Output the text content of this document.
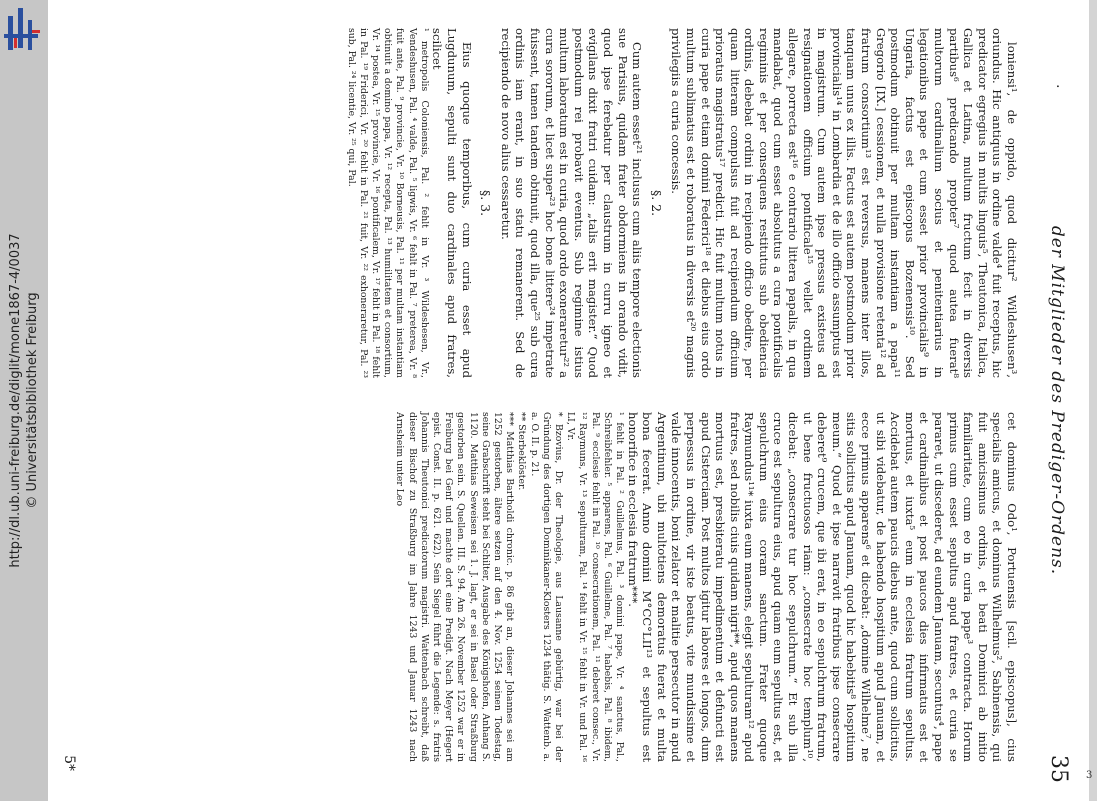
http://dl.ub.uni-freiburg.de/diglit/mone1867-4/0037 © Universitätsbibliothek Freiburg
.
der Mitglieder des Prediger-Ordens.
35

loniensi¹, de oppido, quod dicitur² Wildeshusen³, oriundus. Hic antiquus in ordine valde⁴ fuit receptus, hic predicator egregius in multis linguis⁵, Theutonica, Italica, Gallica et Latina, multum fructum fecit in diversis partibus⁶ predicando propter⁷ quod autea fuerat⁸ multorum cardinalium socius et penitentiarius in legationibus pape et cum esset prior provincialis⁹ in Ungaria, factus est episcopus Bozenensis¹⁰. Sed postmodum obtinuit per multam instantiam a papa¹¹ Gregorio [IX.] cessionem, et nulla provisione retenta¹² ad fratrum consortium¹³ est reversus, manens inter illos, tanquam unus ex illis. Factus est autem postmodum prior provincialis¹⁴ in Lombardia et de illo officio assumptus est in magistrum. Cum autem ipse pressus existeus ad resignationem officium pontificale¹⁵ vellet ordinem allegare, porrecta est¹⁶ e contrario littera papalis, in qua mandabat, quod cum esset absolutus a cura pontificalis regiminis et per consequens restitutus sub obediencia ordinis, debebat ordini in recipiendo officio obedire, per quam litteram compulsus fuit ad recipiendum officium prioratus magistratus¹⁷ predicti. Hic fuit multum notus in curia pape et etiam domini Federici¹⁸ et diebus eius ordo multum sublimatus est et roboratus in diversis et²⁰ magnis privilegiis a curia concessis.

§. 2.

Cum autem esset²¹ inclusus cum aliis tempore electionis sue Parisius, quidam frater obdormiens in orando vidit, quod ipse ferebatur per claustrum in curru igneo et evigilans dixit fratri cuidam: „talis erit magister.“ Quod postmodum rei probavit eventus. Sub regimine istius multum laboratum est in curia, quod ordo exoneraretur²² a cura sororum, et licet super²³ hoc bone littere²⁴ impetrate fuissent, tamen tandem obtinuit, quod illa, que²⁵ sub cura ordinis iam erant, in suo statu remanerent. Sed de recipiendo de novo alius cessaretur.

§. 3.

Eius quoque temporibus, cum curia esset apud Lugdunum, sepulti sunt duo cardinales apud fratres, scilicet

¹ metropolis Coloniensis, Pal. ² fehlt in Vr. ³ Wildeshesen, Vr., Vendeshusen, Pal. ⁴ valde, Pal. ⁵ ligwis, Vr. ⁶ fehlt in Pal. ⁷ preterea, Vr. ⁸ fuit ante, Pal. ⁹ provincie, Vr. ¹⁰ Borneusis, Pal. ¹¹ per multam instantiam obtinuit a domino papa, Vr. ¹² recepta, Pal. ¹³ humilitatem et consortium, Vr. ¹⁴ postea, Vr. ¹⁵ provincie, Vr. ¹⁶ pontificalem, Vr. ¹⁷ fehlt in Pal. ¹⁸ fehlt in Pal. ¹⁹ Friderici, Vr. ²⁰ fehlt in Pal. ²¹ fuit, Vr. ²² exhoneraretur, Pal. ²³ sub, Pal. ²⁴ licentie, Vr. ²⁵ qui, Pal.

cet dominus Odo¹, Portuensis [scil. episcopus], cius specialis amicus, et dominus Wilhelmus², Sabinensis, qui fuit amicissimus ordinis, et beati Dominici ab initio familiaritate, cum eo in curia pape³ contracta. Horum primus cum esset sepultus apud fratres, et curia se pararet, ut discederet, ad eundem Januam, secuntus⁴, pape et cardinalibus et post paucos dies infirmatus est et mortuus, et iuxta⁵ eum in ecclesia fratrum sepultus. Accidebat autem paucis diebus ante, quod cum sollicitus, ut sibi videbatur, de habendo hospitium apud Januam, et ecce primus apparens⁶ et dicebat: „domine Wilhelme⁷, ne sitis sollicitus apud Januam, quod hic habebitis⁸ hospitium meum.“ Quod et ipse narravit fratribus ipse consecrare deberet⁹ crucem, que ibi erat, in eo sepulchrum fratrum, ut bene fructuosos riam: „consecrate hoc templum¹⁰, dicebat: „consecrare tur hoc sepulchrum.“ Et sub illa cruce est sepultura eius, apud quam eum sepultus est, et sepulchrum eius coram sanctum. Frater quoque Raymundus¹¹* iuxta eum manens, elegit sepulturam¹² apud fratres, sed nobilis ciuis quidam nigri**, apud quos manens mortuus est, presbiteratu impedimentum et defuncti est apud Cisterciam. Post multos igitur labores et longos, dum perpessus in ordine, vir iste beatus, vite mundissime et valde innocentis, boni zelator et malitie persecutor in apud Argentinum, ubi multotiens demoratus fuerat et multa bona fecerat. Anno domini M°CC°LII¹³ et sepultus est honorifice in ecclesia fratrum***.

¹ fehlt in Pal. ² Guillelmus, Pal. ³ domini pape, Vr. ⁴ sanctus, Pal., Schreibfehler. ⁵ apparens, Pal. ⁶ Guillelme, Pal. ⁷ habebis, Pal. ⁸ ibidem, Pal. ⁹ ecclesie fehlt in Pal. ¹⁰ consecrationem, Pal. ¹¹ deberet consec., Vr. ¹² Raymuns, Vr. ¹³ sepulturam, Pal. ¹⁴ fehlt in Vr. ¹⁵ fehlt in Vr. und Pal. ¹⁶ LI, Vr.

* Bzovius, Dr. der Theologie, aus Lausanne gebürtig, war bei der Gründung des dortigen Dominikaner-Klosters 1234 thätig. S. Wattenb. a. a. O. II. p. 21.

** Sterbeklöster.

*** Matthias Bartholdi chronic. p. 86 gibt an, dieser Johannes sei am 1252 gestorben, ältere setzen auf den 4. Nov. 1254 seinen Todestag, seine Grabschrift steht bei Schilter, Ausgabe des Königshofen, Anhang S. 1120. Matthias Seweisen sei 1. J. lagt, er sei in Basel oder Straßburg gestorben sein. S. Quellen. III. S. 94. Am 26. November 1252 war er in Freiburg bei Genf und machte dort eine Predigt. Nach Meyer (Hegert epist. Const. II. p. 621. 622). Sein Siegel führt die Legende: s. fratris Johannis Theutonici predicatorum magistri. Wattenbach schreibt, daß dieser Bischof zu Straßburg im Jahre 1243 und Januar 1243 nach Arnsheim unter Leo

5*
3
